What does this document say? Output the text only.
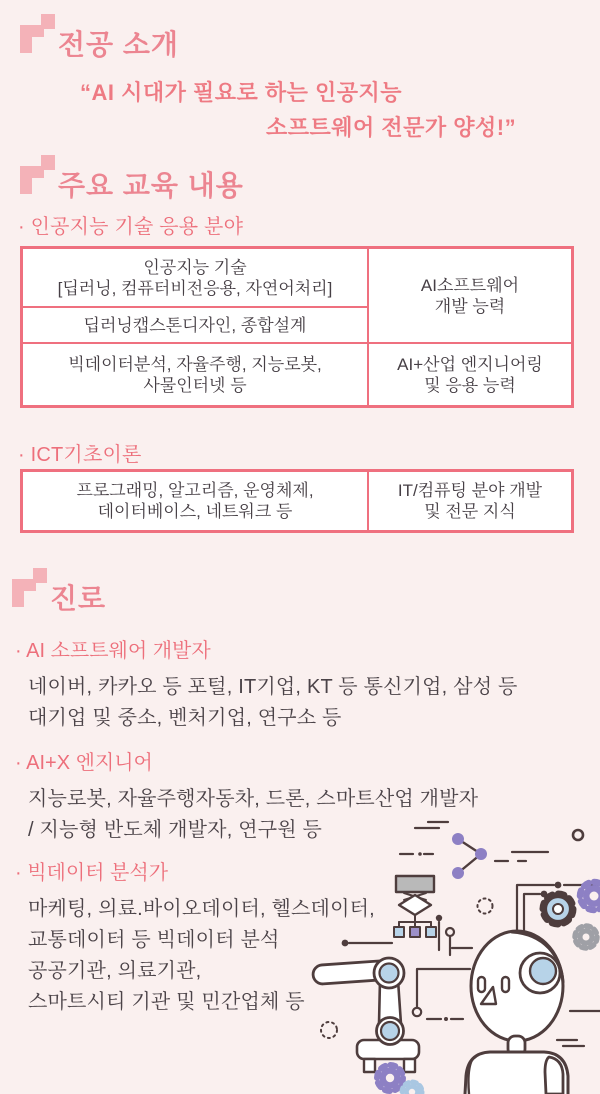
전공 소개
“AI 시대가 필요로 하는 인공지능
소프트웨어 전문가 양성!”
주요 교육 내용
· 인공지능 기술 응용 분야
인공지능 기술
[딥러닝, 컴퓨터비전응용, 자연어처리]	AI소프트웨어
개발 능력
딥러닝캡스톤디자인, 종합설계
빅데이터분석, 자율주행, 지능로봇,
사물인터넷 등
AI+산업 엔지니어링
및 응용 능력
· ICT기초이론
프로그래밍, 알고리즘, 운영체제,
데이터베이스, 네트워크 등
IT/컴퓨팅 분야 개발
및 전문 지식
진로
· AI 소프트웨어 개발자
네이버, 카카오 등 포털, IT기업, KT 등 통신기업, 삼성 등
대기업 및 중소, 벤처기업, 연구소 등
· AI+X 엔지니어
지능로봇, 자율주행자동차, 드론, 스마트산업 개발자
/ 지능형 반도체 개발자, 연구원 등
· 빅데이터 분석가
마케팅, 의료.바이오데이터, 헬스데이터,
교통데이터 등 빅데이터 분석
공공기관, 의료기관,
스마트시티 기관 및 민간업체 등
